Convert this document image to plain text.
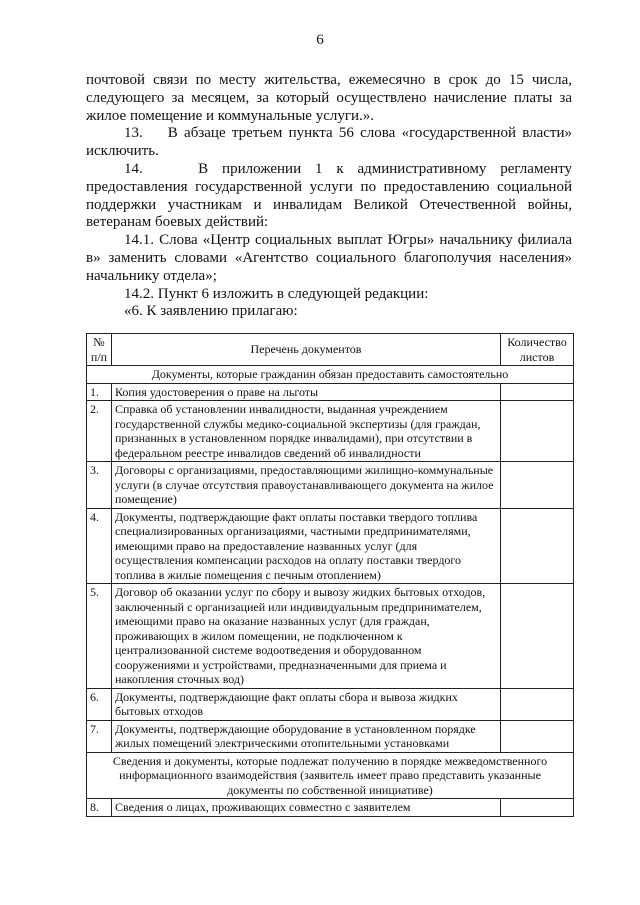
6

почтовой связи по месту жительства, ежемесячно в срок до 15 числа, следующего за месяцем, за который осуществлено начисление платы за жилое помещение и коммунальные услуги.».

13.    В абзаце третьем пункта 56 слова «государственной власти» исключить.

14.    В приложении 1 к административному регламенту предоставления государственной услуги по предоставлению социальной поддержки участникам и инвалидам Великой Отечественной войны, ветеранам боевых действий:

14.1. Слова «Центр социальных выплат Югры» начальнику филиала в» заменить словами «Агентство социального благополучия населения» начальнику отдела»;

14.2. Пункт 6 изложить в следующей редакции:

«6. К заявлению прилагаю:

№ п/п	Перечень документов	Количество листов
Документы, которые гражданин обязан предоставить самостоятельно		
1.	Копия удостоверения о праве на льготы	
2.	Справка об установлении инвалидности, выданная учреждением государственной службы медико-социальной экспертизы (для граждан, признанных в установленном порядке инвалидами), при отсутствии в федеральном реестре инвалидов сведений об инвалидности	
3.	Договоры с организациями, предоставляющими жилищно-коммунальные услуги (в случае отсутствия правоустанавливающего документа на жилое помещение)	
4.	Документы, подтверждающие факт оплаты поставки твердого топлива специализированных организациями, частными предпринимателями, имеющими право на предоставление названных услуг (для осуществления компенсации расходов на оплату поставки твердого топлива в жилые помещения с печным отоплением)	
5.	Договор об оказании услуг по сбору и вывозу жидких бытовых отходов, заключенный с организацией или индивидуальным предпринимателем, имеющими право на оказание названных услуг (для граждан, проживающих в жилом помещении, не подключенном к централизованной системе водоотведения и оборудованном сооружениями и устройствами, предназначенными для приема и накопления сточных вод)	
6.	Документы, подтверждающие факт оплаты сбора и вывоза жидких бытовых отходов	
7.	Документы, подтверждающие оборудование в установленном порядке жилых помещений электрическими отопительными установками	
Сведения и документы, которые подлежат получению в порядке межведомственного информационного взаимодействия (заявитель имеет право представить указанные документы по собственной инициативе)		
8.	Сведения о лицах, проживающих совместно с заявителем	
